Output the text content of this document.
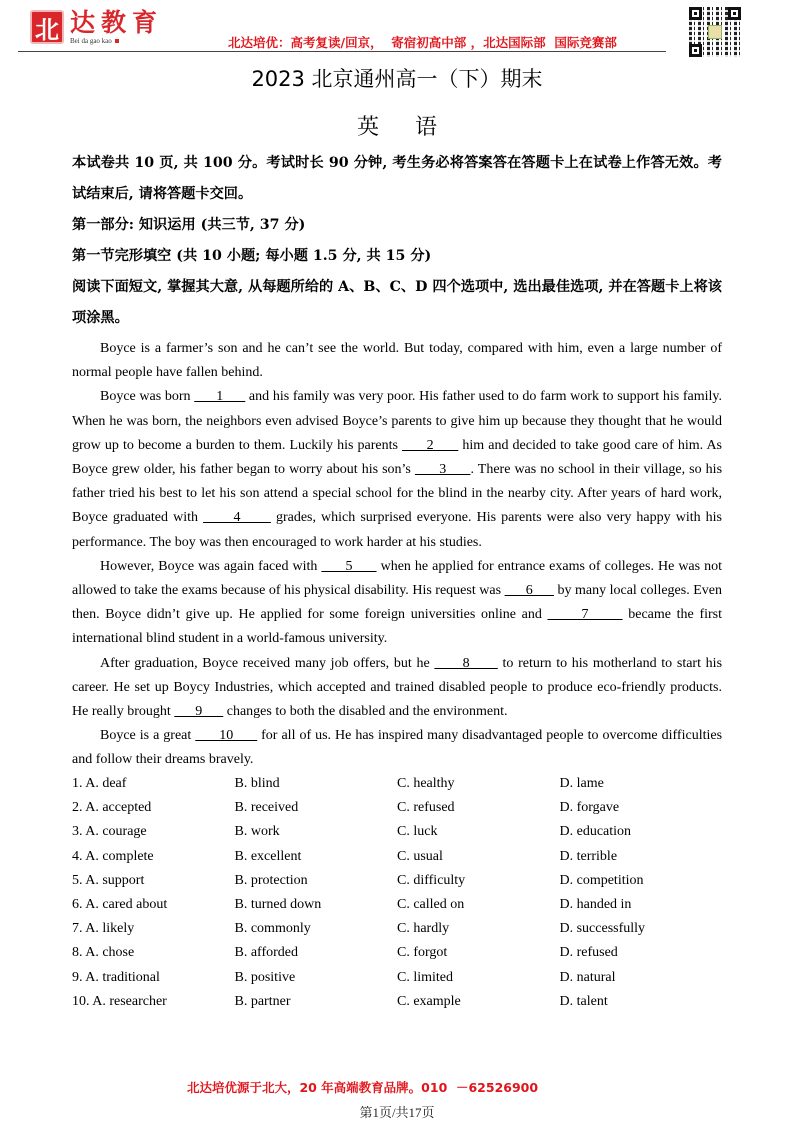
北 达教育
Bei da gao kao	北达培优：高考复读/回京，  寄宿初高中部 ，北达国际部  国际竞赛部
2023 北京通州高一（下）期末
英语

本试卷共 10 页, 共 100 分。考试时长 90 分钟, 考生务必将答案答在答题卡上在试卷上作答无效。考试结束后, 请将答题卡交回。

第一部分: 知识运用 (共三节, 37 分)

第一节完形填空 (共 10 小题; 每小题 1.5 分, 共 15 分)

阅读下面短文, 掌握其大意, 从每题所给的 A、B、C、D 四个选项中, 选出最佳选项, 并在答题卡上将该项涂黑。

Boyce is a farmer’s son and he can’t see the world. But today, compared with him, even a large number of normal people have fallen behind.

Boyce was born       1       and his family was very poor. His father used to do farm work to support his family. When he was born, the neighbors even advised Boyce’s parents to give him up because they thought that he would grow up to become a burden to them. Luckily his parents       2       him and decided to take good care of him. As Boyce grew older, his father began to worry about his son’s       3      . There was no school in their village, so his father tried his best to let his son attend a special school for the blind in the nearby city. After years of hard work, Boyce graduated with       4       grades, which surprised everyone. His parents were also very happy with his performance. The boy was then encouraged to work harder at his studies.

However, Boyce was again faced with       5       when he applied for entrance exams of colleges. He was not allowed to take the exams because of his physical disability. His request was       6       by many local colleges. Even then. Boyce didn’t give up. He applied for some foreign universities online and       7       became the first international blind student in a world-famous university.

After graduation, Boyce received many job offers, but he       8       to return to his motherland to start his career. He set up Boycy Industries, which accepted and trained disabled people to produce eco-friendly products. He really brought       9       changes to both the disabled and the environment.

Boyce is a great       10       for all of us. He has inspired many disadvantaged people to overcome difficulties and follow their dreams bravely.

1. A. deaf	B. blind	C. healthy	D. lame
2. A. accepted	B. received	C. refused	D. forgave
3. A. courage	B. work	C. luck	D. education
4. A. complete	B. excellent	C. usual	D. terrible
5. A. support	B. protection	C. difficulty	D. competition
6. A. cared about	B. turned down	C. called on	D. handed in
7. A. likely	B. commonly	C. hardly	D. successfully
8. A. chose	B. afforded	C. forgot	D. refused
9. A. traditional	B. positive	C. limited	D. natural
10. A. researcher	B. partner	C. example	D. talent
北达培优源于北大，20 年高端教育品牌。010  －62526900
第1页/共17页
